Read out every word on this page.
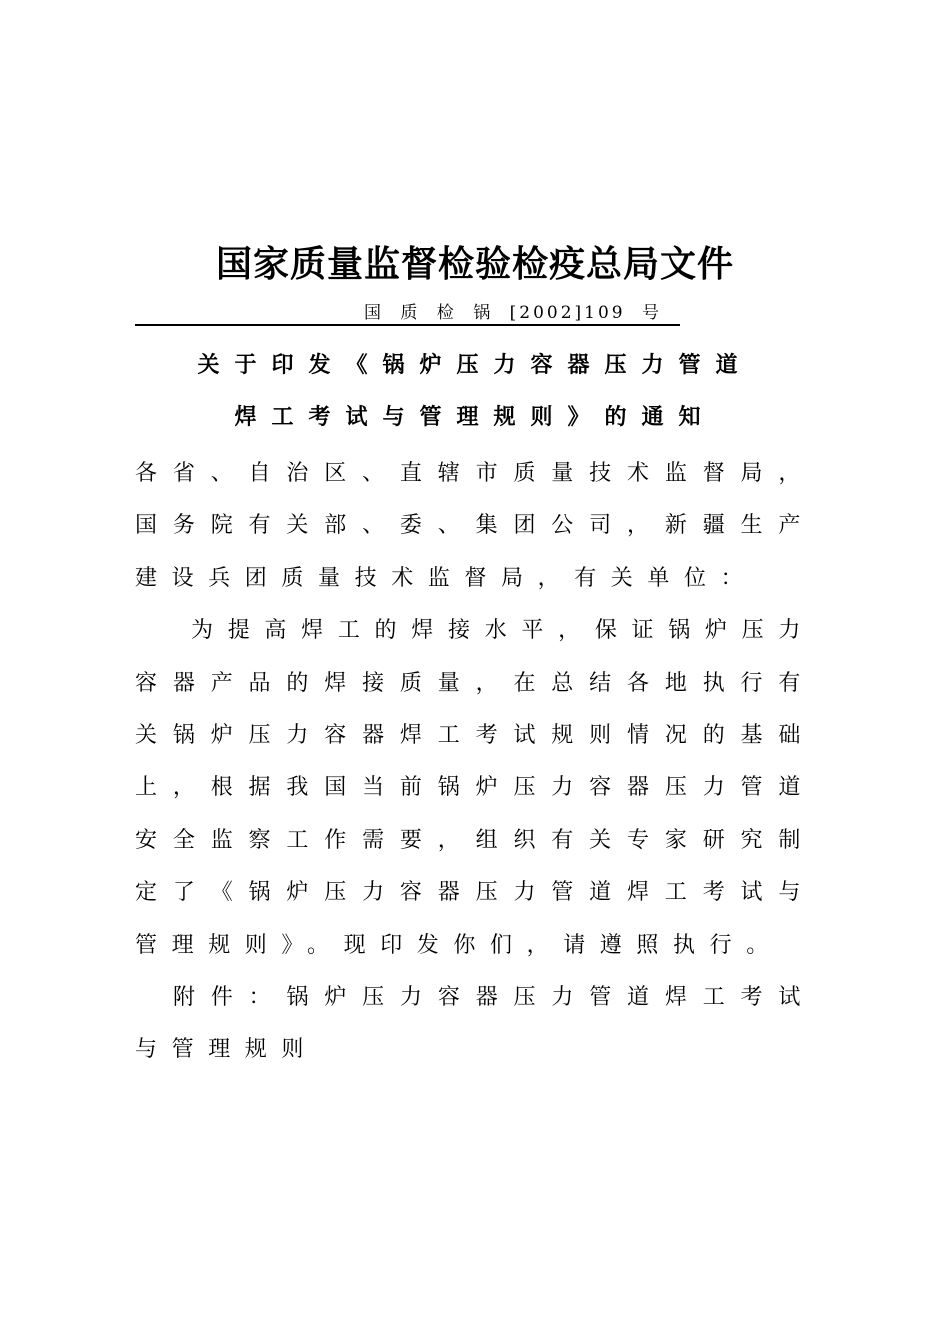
国家质量监督检验检疫总局文件
国 质 检 锅 [2002]109 号
关于印发《锅炉压力容器压力管道
焊工考试与管理规则》的通知

各省、自治区、直辖市质量技术监督局，国务院有关部、委、集团公司，新疆生产建设兵团质量技术监督局，有关单位：

为提高焊工的焊接水平，保证锅炉压力容器产品的焊接质量，在总结各地执行有关锅炉压力容器焊工考试规则情况的基础上，根据我国当前锅炉压力容器压力管道安全监察工作需要，组织有关专家研究制定了《锅炉压力容器压力管道焊工考试与管理规则》。现印发你们，请遵照执行。

附件：锅炉压力容器压力管道焊工考试与管理规则
